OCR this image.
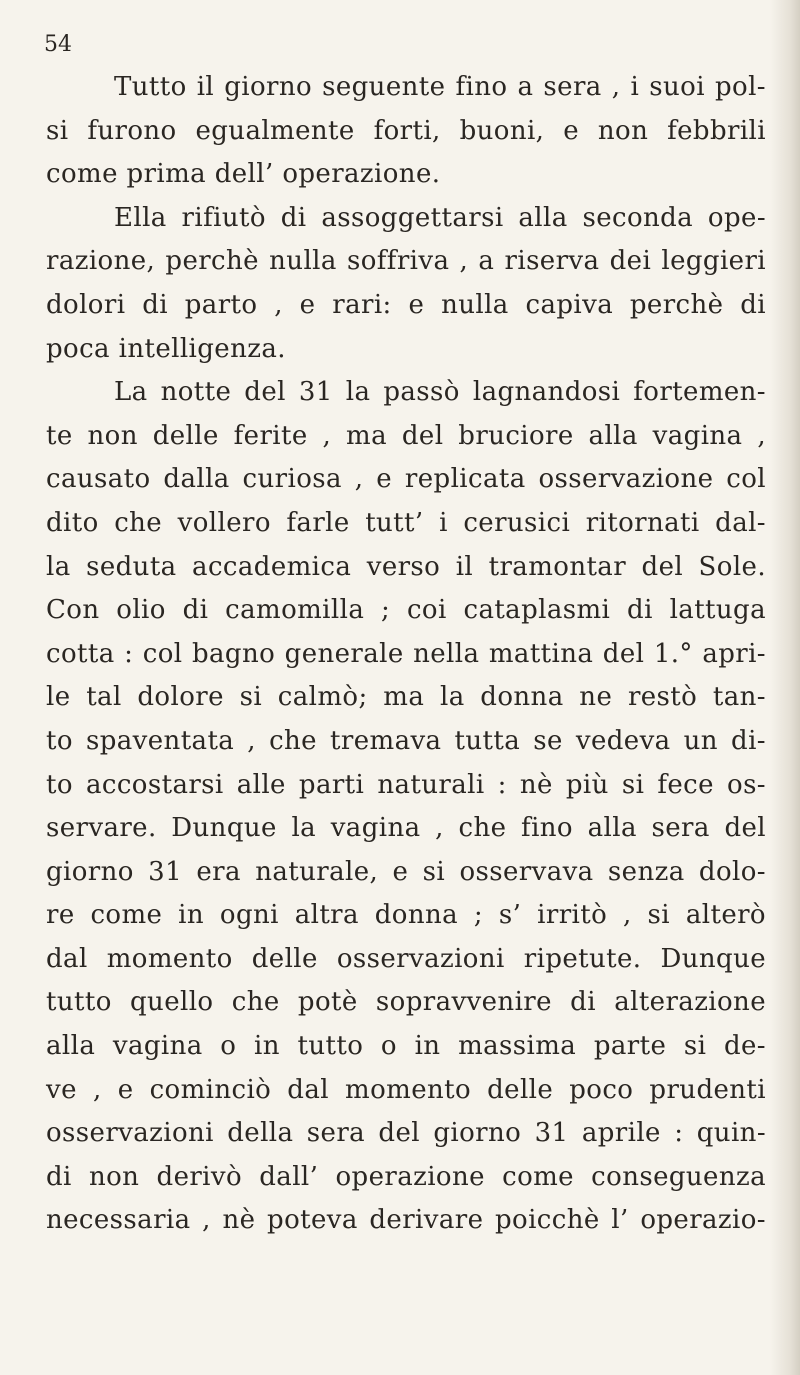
54
Tutto il giorno seguente fino a sera , i suoi pol-
si furono egualmente forti, buoni, e non febbrili
come prima dell’ operazione.
Ella rifiutò di assoggettarsi alla seconda ope-
razione, perchè nulla soffriva , a riserva dei leggieri
dolori di parto , e rari: e nulla capiva perchè di
poca intelligenza.
La notte del 31 la passò lagnandosi fortemen-
te non delle ferite , ma del bruciore alla vagina ,
causato dalla curiosa , e replicata osservazione col
dito che vollero farle tutt’ i cerusici ritornati dal-
la seduta accademica verso il tramontar del Sole.
Con olio di camomilla ; coi cataplasmi di lattuga
cotta : col bagno generale nella mattina del 1.° apri-
le tal dolore si calmò; ma la donna ne restò tan-
to spaventata , che tremava tutta se vedeva un di-
to accostarsi alle parti naturali : nè più si fece os-
servare. Dunque la vagina , che fino alla sera del
giorno 31 era naturale, e si osservava senza dolo-
re come in ogni altra donna ; s’ irritò , si alterò
dal momento delle osservazioni ripetute. Dunque
tutto quello che potè sopravvenire di alterazione
alla vagina o in tutto o in massima parte si de-
ve , e cominciò dal momento delle poco prudenti
osservazioni della sera del giorno 31 aprile : quin-
di non derivò dall’ operazione come conseguenza
necessaria , nè poteva derivare poicchè l’ operazio-
